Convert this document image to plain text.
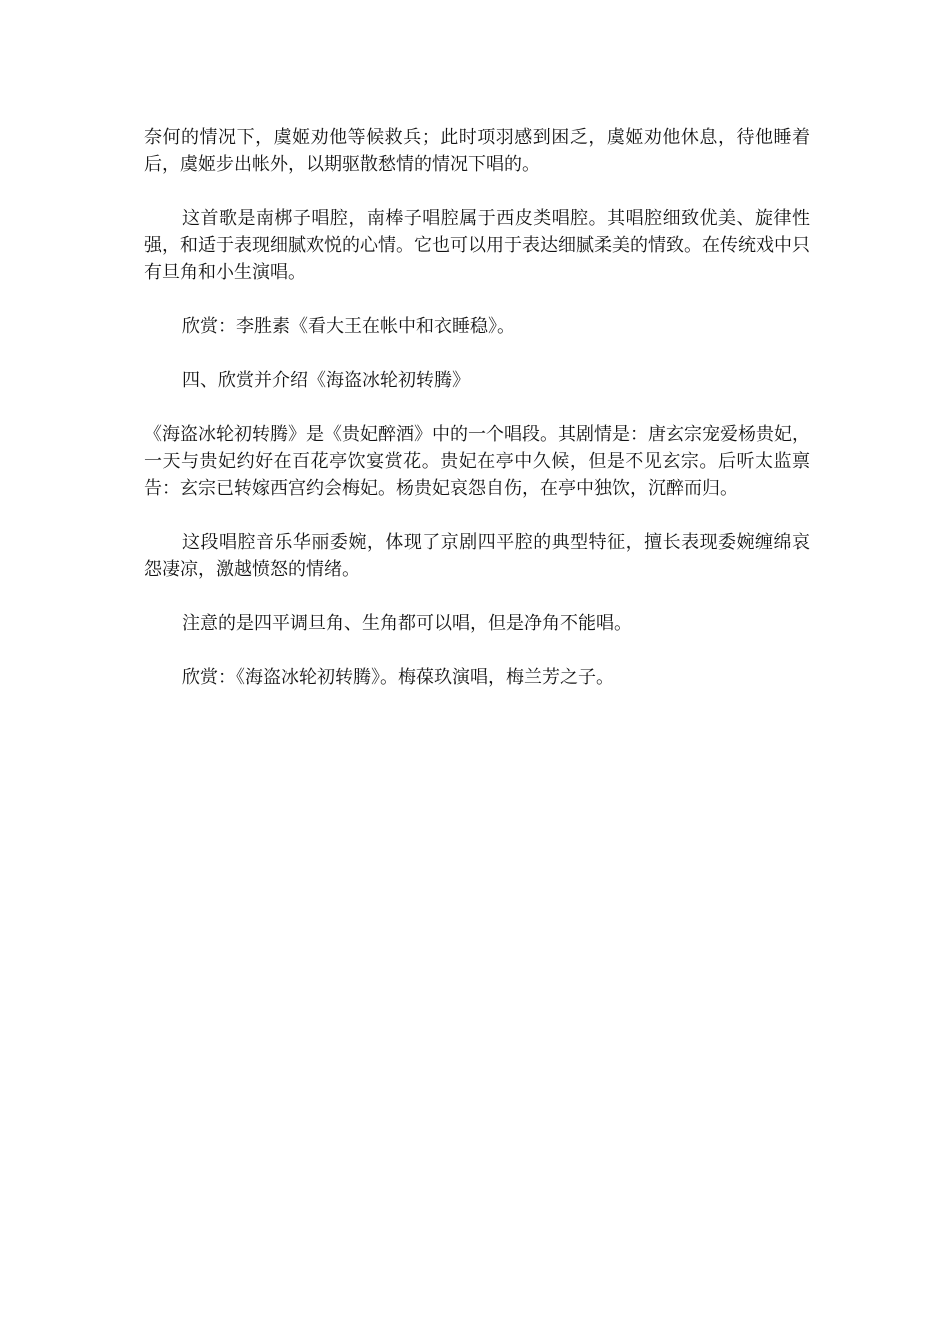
奈何的情况下，虞姬劝他等候救兵；此时项羽感到困乏，虞姬劝他休息，待他睡着后，虞姬步出帐外，以期驱散愁情的情况下唱的。

这首歌是南梆子唱腔，南棒子唱腔属于西皮类唱腔。其唱腔细致优美、旋律性强，和适于表现细腻欢悦的心情。它也可以用于表达细腻柔美的情致。在传统戏中只有旦角和小生演唱。

欣赏：李胜素《看大王在帐中和衣睡稳》。

四、欣赏并介绍《海盗冰轮初转腾》

《海盗冰轮初转腾》是《贵妃醉酒》中的一个唱段。其剧情是：唐玄宗宠爱杨贵妃，一天与贵妃约好在百花亭饮宴赏花。贵妃在亭中久候，但是不见玄宗。后听太监禀告：玄宗已转嫁西宫约会梅妃。杨贵妃哀怨自伤，在亭中独饮，沉醉而归。

这段唱腔音乐华丽委婉，体现了京剧四平腔的典型特征，擅长表现委婉缠绵哀怨凄凉，激越愤怒的情绪。

注意的是四平调旦角、生角都可以唱，但是净角不能唱。

欣赏：《海盗冰轮初转腾》。梅葆玖演唱，梅兰芳之子。
